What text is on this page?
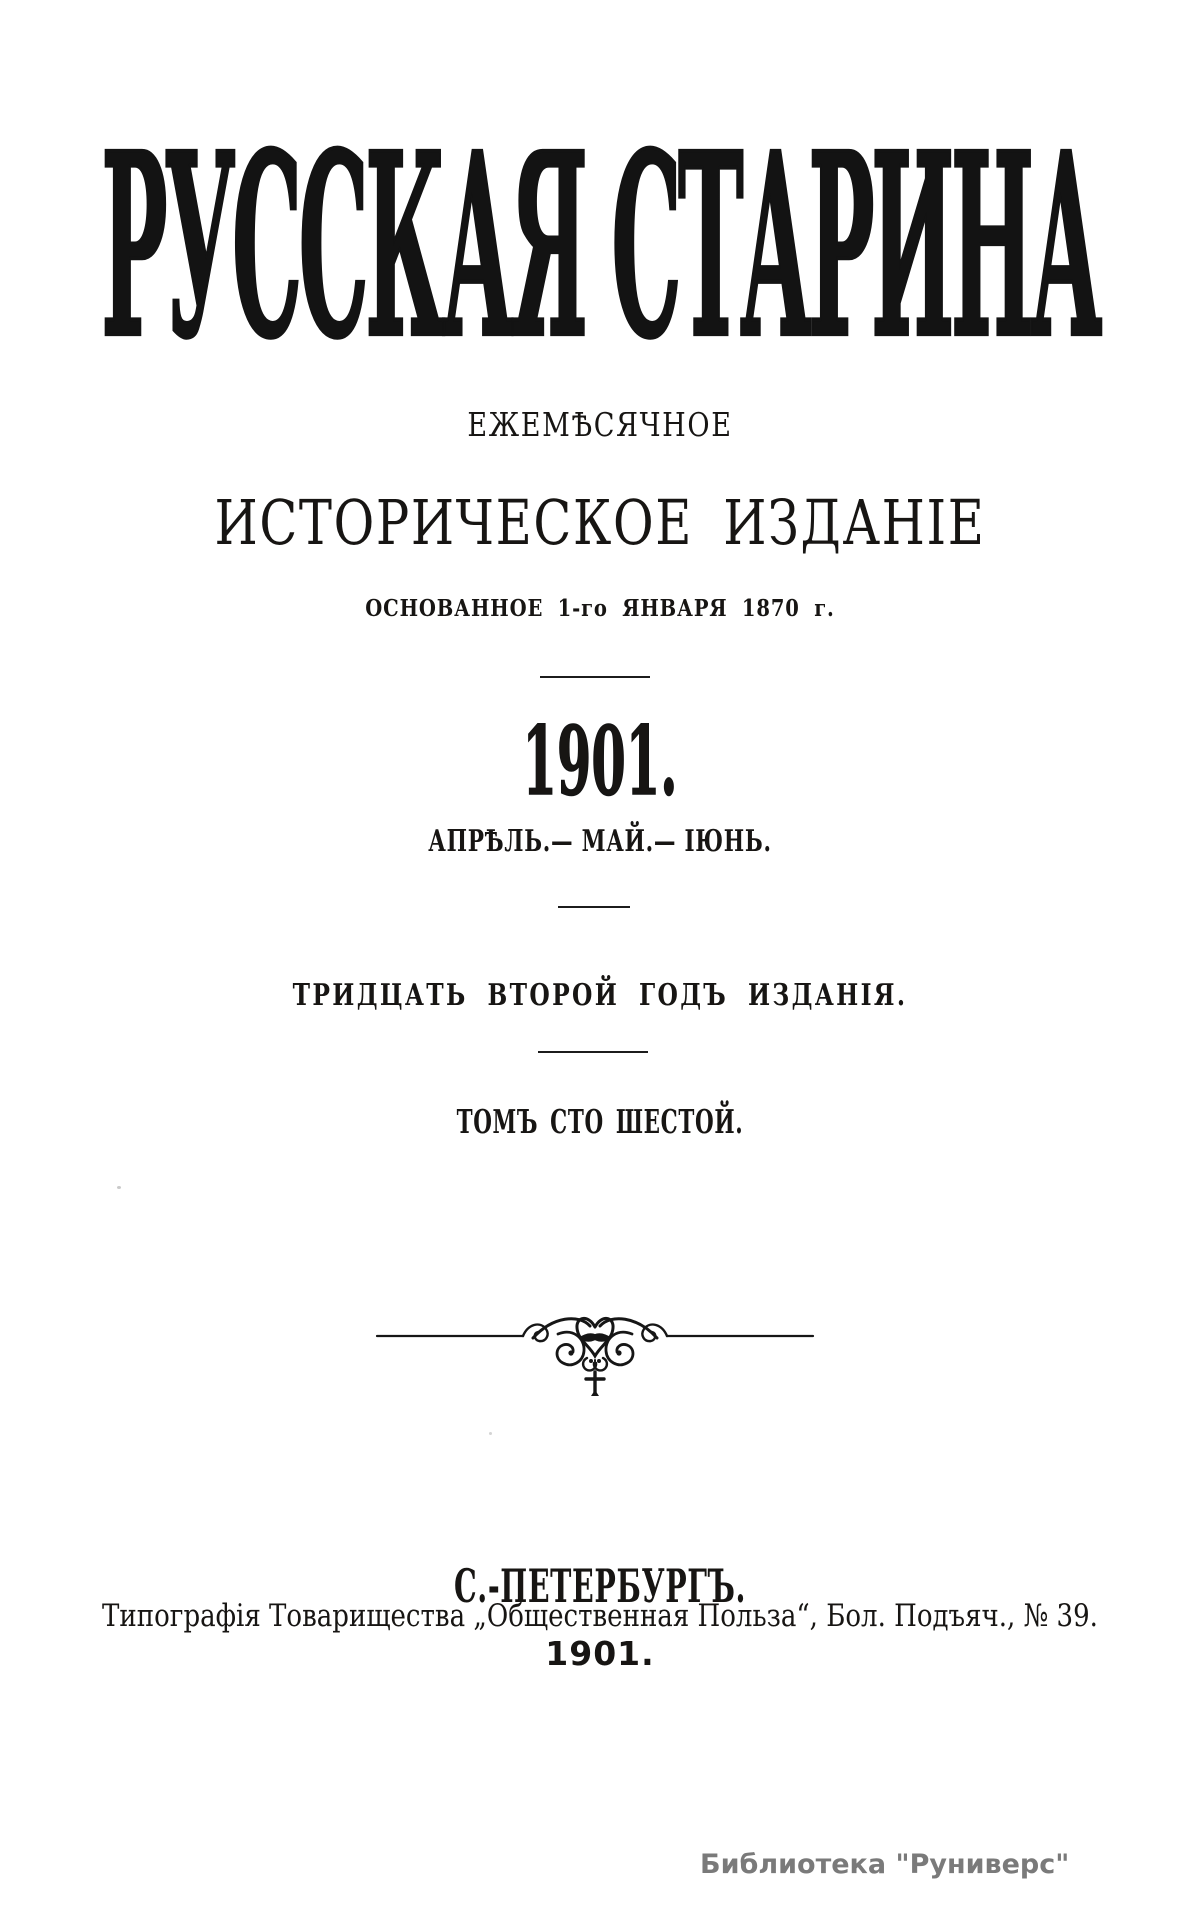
РУССКАЯ СТАРИНА
ЕЖЕМѢСЯЧНОЕ
ИСТОРИЧЕСКОЕ ИЗДАНІЕ
ОСНОВАННОЕ 1-го ЯНВАРЯ 1870 г.
1901.
АПРѢЛЬ.— МАЙ.— ІЮНЬ.
ТРИДЦАТЬ ВТОРОЙ ГОДЪ ИЗДАНІЯ.
ТОМЪ СТО ШЕСТОЙ.
С.-ПЕТЕРБУРГЪ.
Типографія Товарищества „Общественная Польза“, Бол. Подъяч., № 39.
1901.
Библиотека "Руниверс"
